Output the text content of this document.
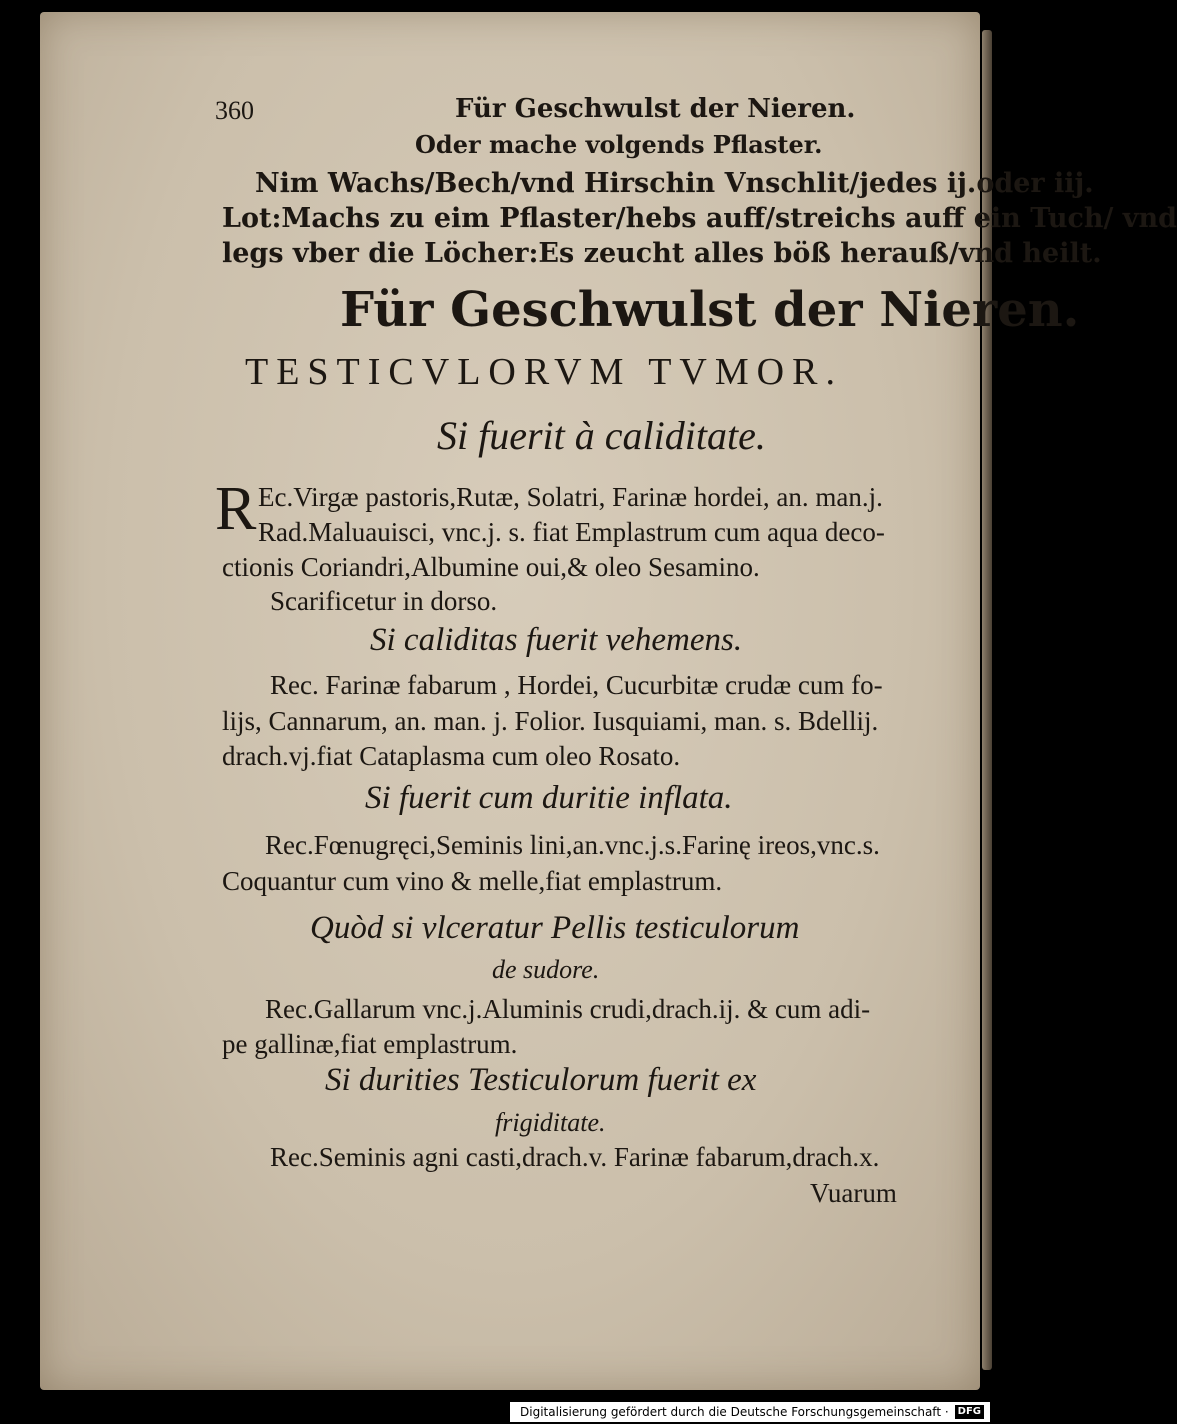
360	Für Geschwulst der Nieren.
Oder mache volgends Pflaster.
Nim Wachs/Bech/vnd Hirschin Vnschlit/jedes ij.oder iij.
Lot:Machs zu eim Pflaster/hebs auff/streichs auff ein Tuch/ vnd
legs vber die Löcher:Es zeucht alles böß herauß/vnd heilt.
Für Geschwulst der Nieren.
TESTICVLORVM TVMOR.
Si fuerit à caliditate.
R Ec.Virgæ pastoris,Rutæ, Solatri, Farinæ hordei, an. man.j.
Rad.Maluauisci, vnc.j. s. fiat Emplastrum cum aqua deco-
ctionis Coriandri,Albumine oui,& oleo Sesamino.
Scarificetur in dorso.
Si caliditas fuerit vehemens.
Rec. Farinæ fabarum , Hordei, Cucurbitæ crudæ cum fo-
lijs, Cannarum, an. man. j. Folior. Iusquiami, man. s. Bdellij.
drach.vj.fiat Cataplasma cum oleo Rosato.
Si fuerit cum duritie inflata.
Rec.Fœnugręci,Seminis lini,an.vnc.j.s.Farinę ireos,vnc.s.
Coquantur cum vino & melle,fiat emplastrum.
Quòd si vlceratur Pellis testiculorum
de sudore.
Rec.Gallarum vnc.j.Aluminis crudi,drach.ij. & cum adi-
pe gallinæ,fiat emplastrum.
Si durities Testiculorum fuerit ex
frigiditate.
Rec.Seminis agni casti,drach.v. Farinæ fabarum,drach.x.
Vuarum
Digitalisierung gefördert durch die Deutsche Forschungsgemeinschaft · DFG
